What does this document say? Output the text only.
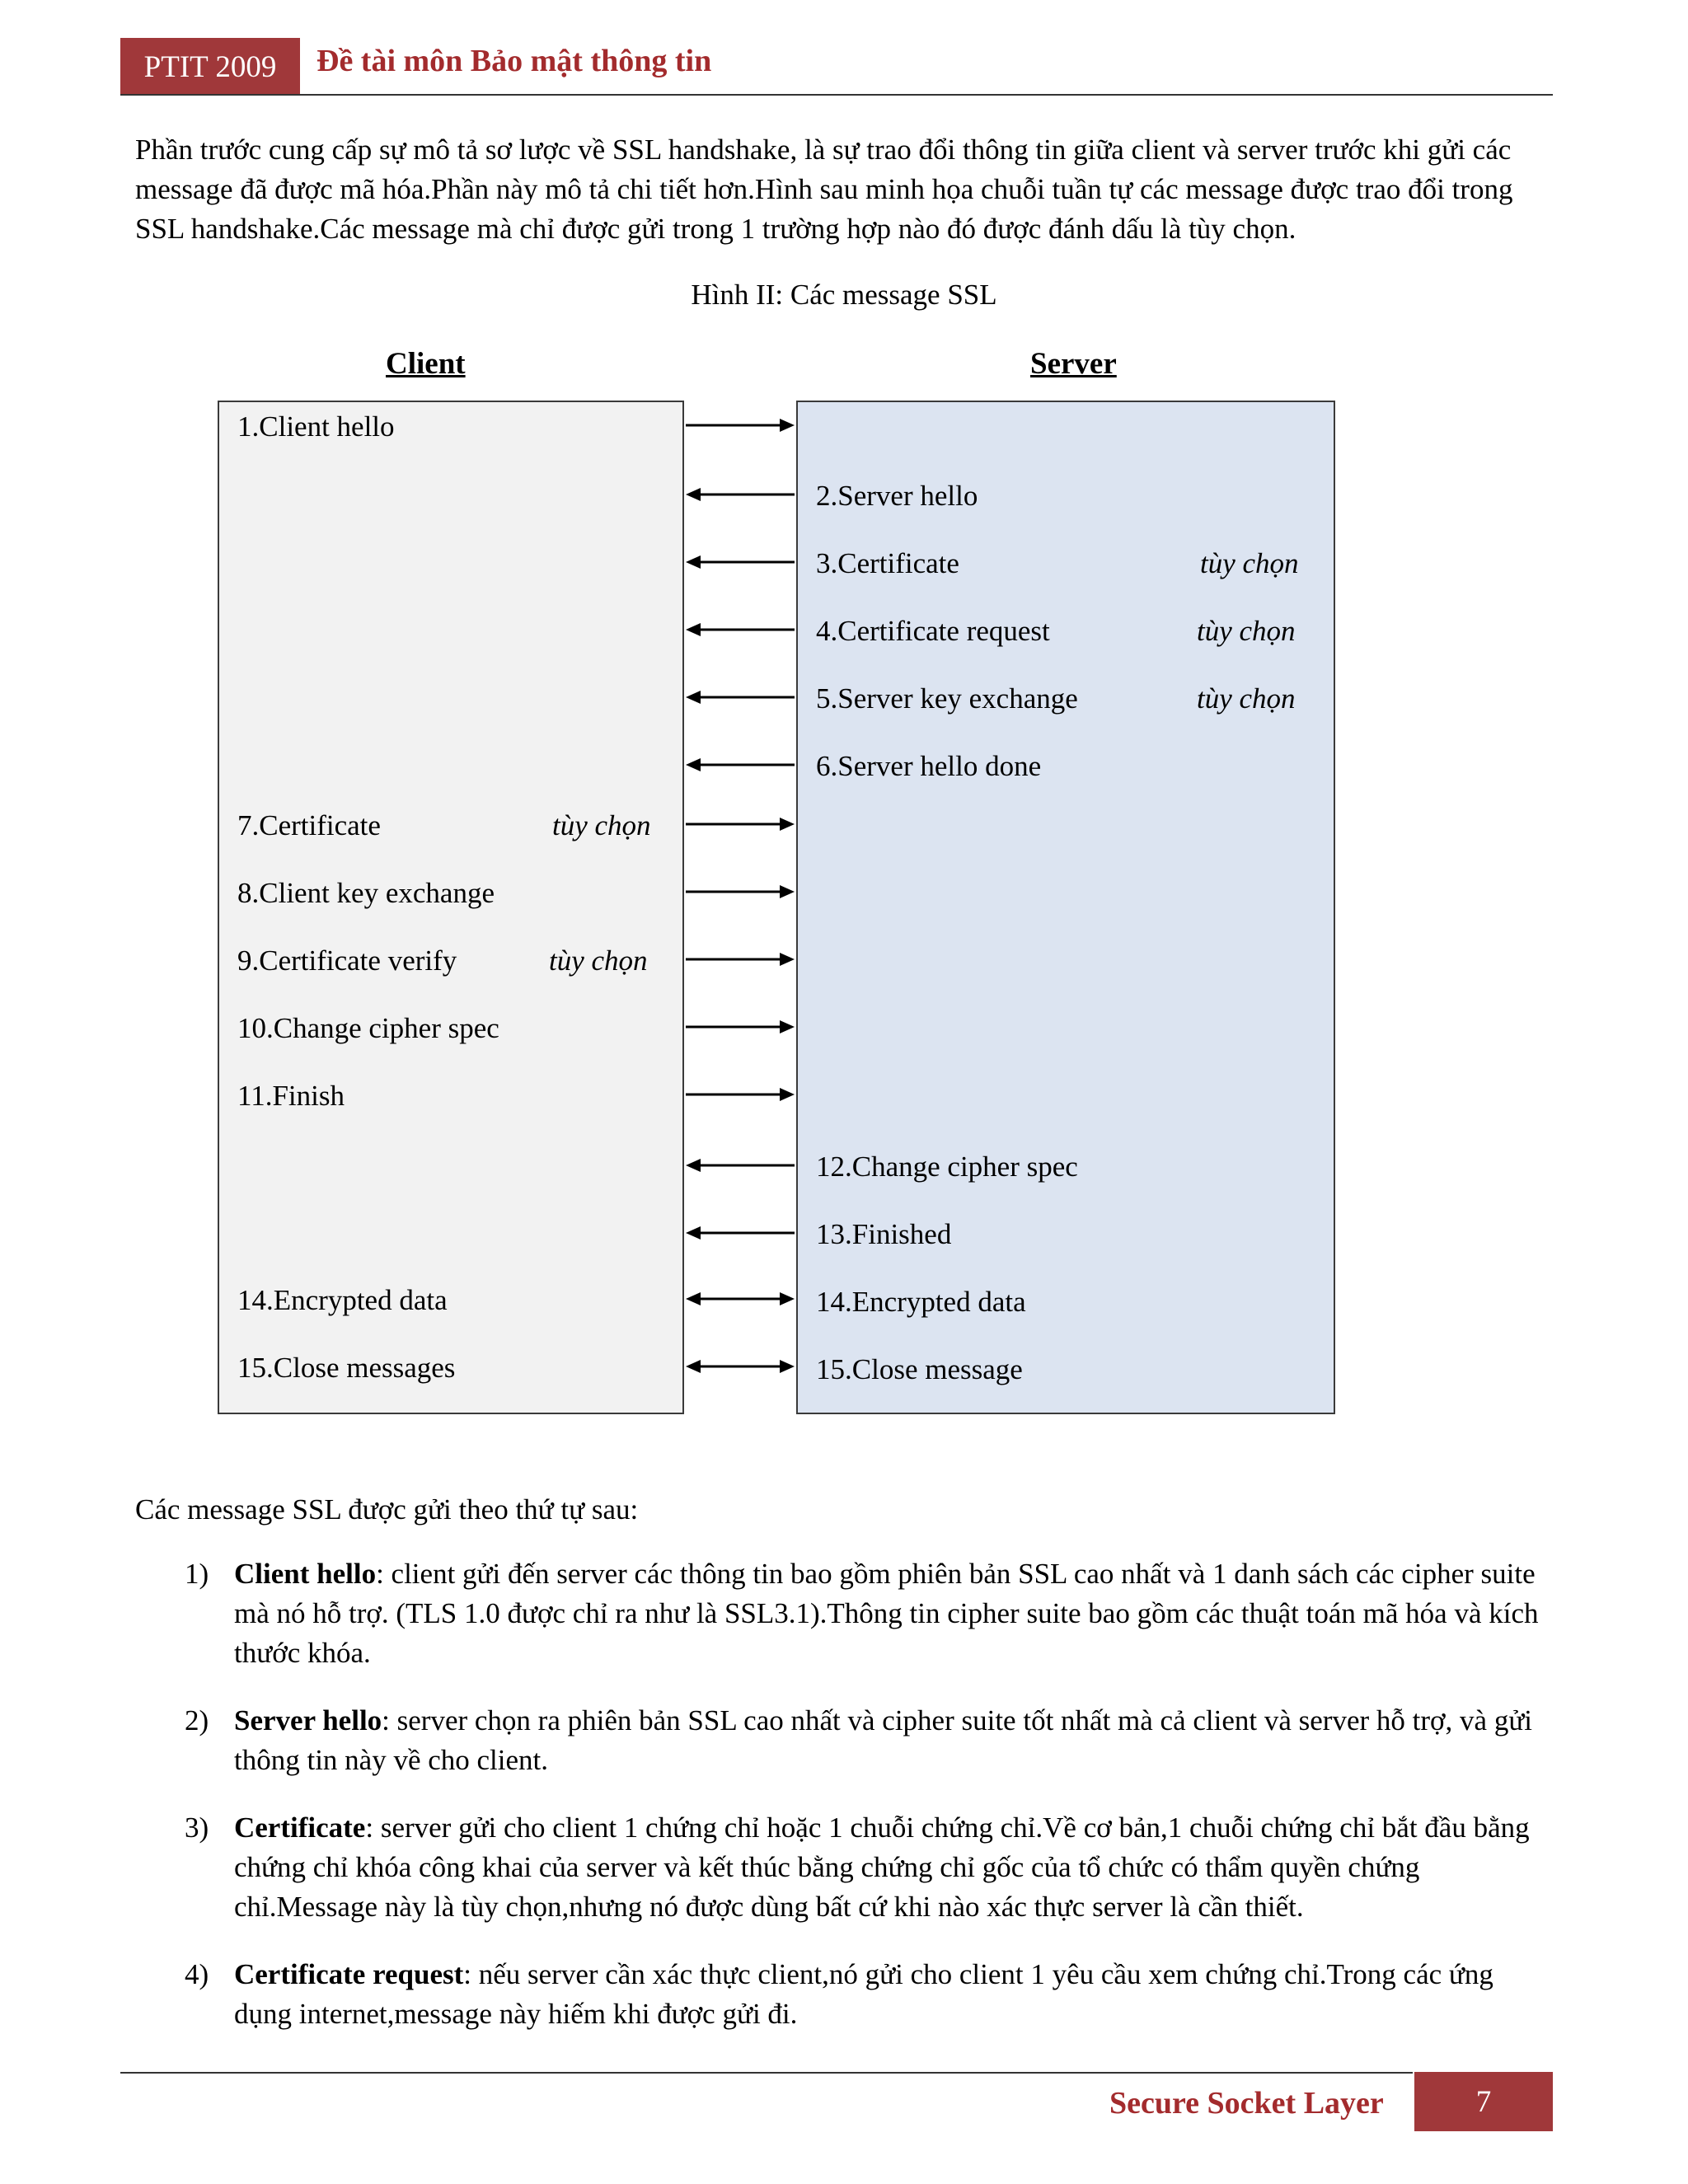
PTIT 2009 Đề tài môn Bảo mật thông tin
Phần trước cung cấp sự mô tả sơ lược về SSL handshake, là sự trao đổi thông tin giữa client và server trước khi gửi các message đã được mã hóa.Phần này mô tả chi tiết hơn.Hình sau minh họa chuỗi tuần tự các message được trao đổi trong SSL handshake.Các message mà chỉ được gửi trong 1 trường hợp nào đó được đánh dấu là tùy chọn.
Hình II: Các message SSL
Client	Server
1.Client hello
7.Certificate	tùy chọn
8.Client key exchange
9.Certificate verify	tùy chọn
10.Change cipher spec
11.Finish
14.Encrypted data
15.Close messages
2.Server hello
3.Certificate	tùy chọn
4.Certificate request	tùy chọn
5.Server key exchange	tùy chọn
6.Server hello done
12.Change cipher spec
13.Finished
14.Encrypted data
15.Close message
Các message SSL được gửi theo thứ tự sau:
1) Client hello: client gửi đến server các thông tin bao gồm phiên bản SSL cao nhất và 1 danh sách các cipher suite mà nó hỗ trợ. (TLS 1.0 được chỉ ra như là SSL3.1).Thông tin cipher suite bao gồm các thuật toán mã hóa và kích thước khóa.
2) Server hello: server chọn ra phiên bản SSL cao nhất và cipher suite tốt nhất mà cả client và server hỗ trợ, và gửi thông tin này về cho client.
3) Certificate: server gửi cho client 1 chứng chỉ hoặc 1 chuỗi chứng chỉ.Về cơ bản,1 chuỗi chứng chỉ bắt đầu bằng chứng chỉ khóa công khai của server và kết thúc bằng chứng chỉ gốc của tổ chức có thẩm quyền chứng chỉ.Message này là tùy chọn,nhưng nó được dùng bất cứ khi nào xác thực server là cần thiết.
4) Certificate request: nếu server cần xác thực client,nó gửi cho client 1 yêu cầu xem chứng chỉ.Trong các ứng dụng internet,message này hiếm khi được gửi đi.
Secure Socket Layer	7
